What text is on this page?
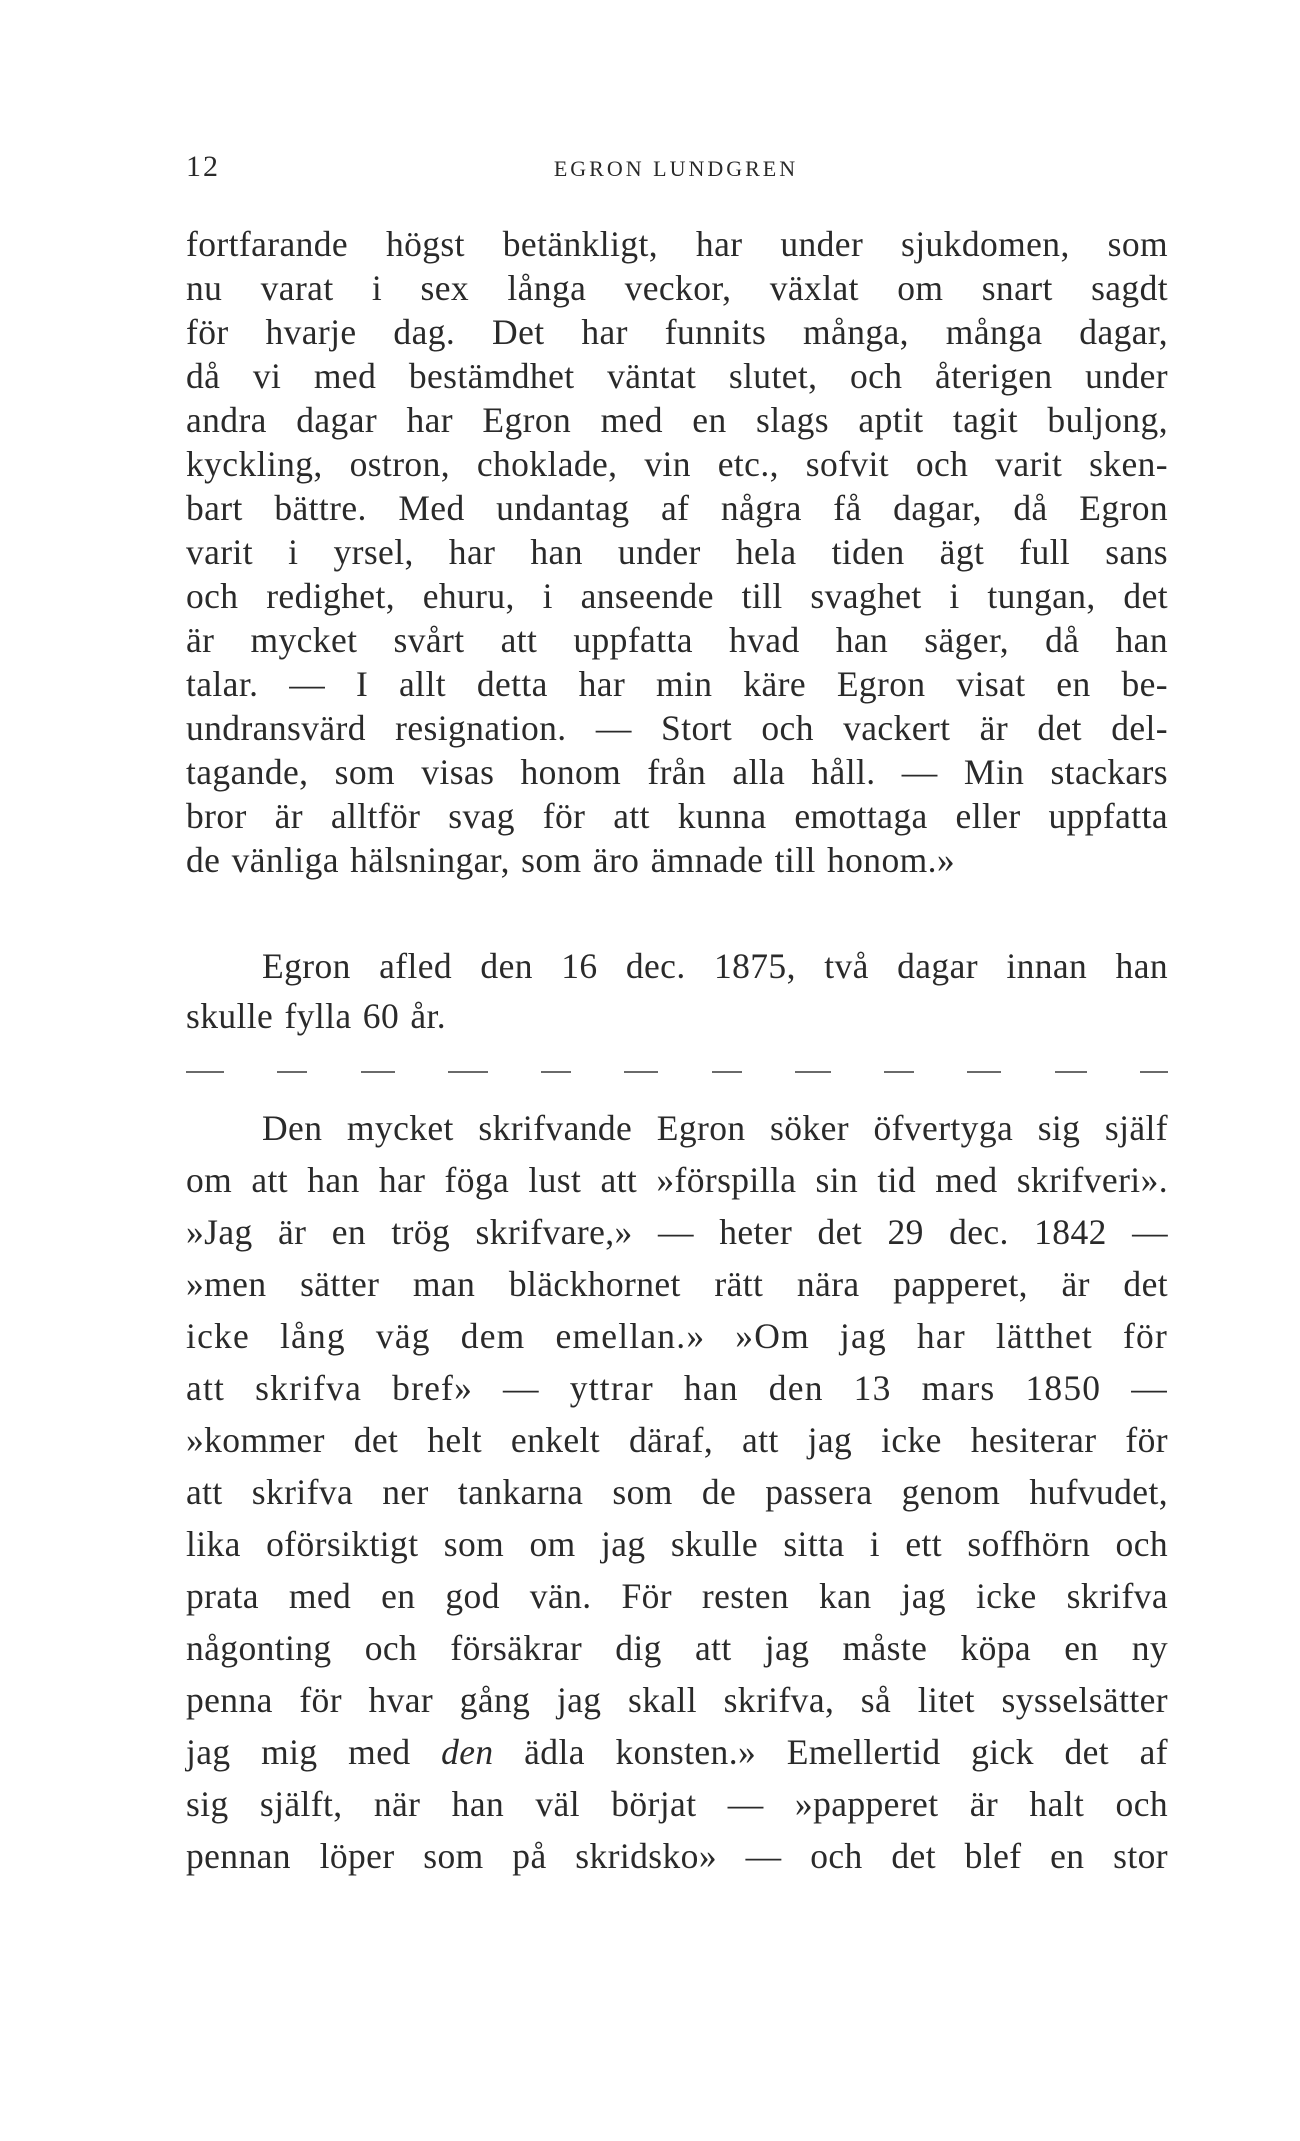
12	EGRON LUNDGREN
fortfarande högst betänkligt, har under sjukdomen, som
nu varat i sex långa veckor, växlat om snart sagdt
för hvarje dag. Det har funnits många, många dagar,
då vi med bestämdhet väntat slutet, och återigen under
andra dagar har Egron med en slags aptit tagit buljong,
kyckling, ostron, choklade, vin etc., sofvit och varit sken-
bart bättre. Med undantag af några få dagar, då Egron
varit i yrsel, har han under hela tiden ägt full sans
och redighet, ehuru, i anseende till svaghet i tungan, det
är mycket svårt att uppfatta hvad han säger, då han
talar. — I allt detta har min käre Egron visat en be-
undransvärd resignation. — Stort och vackert är det del-
tagande, som visas honom från alla håll. — Min stackars
bror är alltför svag för att kunna emottaga eller uppfatta
de vänliga hälsningar, som äro ämnade till honom.»
Egron afled den 16 dec. 1875, två dagar innan han
skulle fylla 60 år.
Den mycket skrifvande Egron söker öfvertyga sig själf
om att han har föga lust att »förspilla sin tid med skrifveri».
»Jag är en trög skrifvare,» — heter det 29 dec. 1842 —
»men sätter man bläckhornet rätt nära papperet, är det
icke lång väg dem emellan.» »Om jag har lätthet för
att skrifva bref» — yttrar han den 13 mars 1850 —
»kommer det helt enkelt däraf, att jag icke hesiterar för
att skrifva ner tankarna som de passera genom hufvudet,
lika oförsiktigt som om jag skulle sitta i ett soffhörn och
prata med en god vän. För resten kan jag icke skrifva
någonting och försäkrar dig att jag måste köpa en ny
penna för hvar gång jag skall skrifva, så litet sysselsätter
jag mig med den ädla konsten.» Emellertid gick det af
sig själft, när han väl börjat — »papperet är halt och
pennan löper som på skridsko» — och det blef en stor
